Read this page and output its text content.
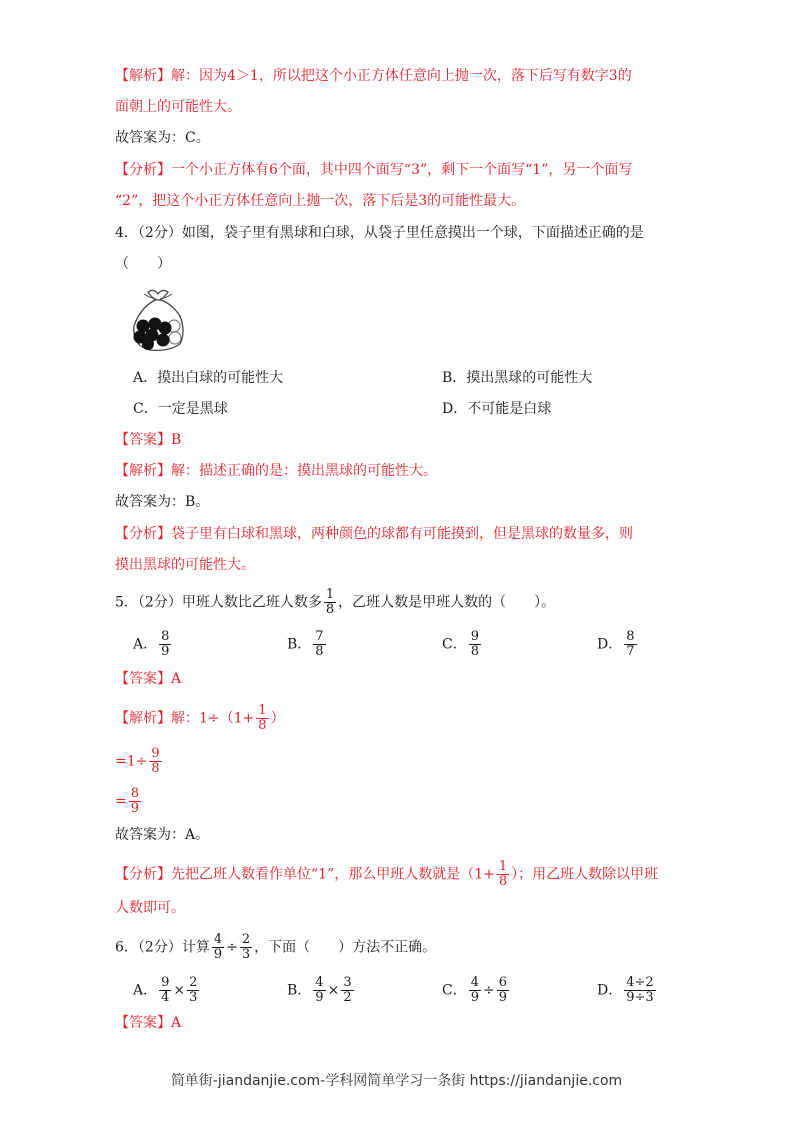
【解析】解：因为4＞1，所以把这个小正方体任意向上抛一次，落下后写有数字3的
面朝上的可能性大。
故答案为：C。
【分析】一个小正方体有6个面，其中四个面写“3”，剩下一个面写“1”，另一个面写
“2”，把这个小正方体任意向上抛一次，落下后是3的可能性最大。
4．（2分）如图，袋子里有黑球和白球，从袋子里任意摸出一个球，下面描述正确的是
（　　）
A．摸出白球的可能性大	B．摸出黑球的可能性大
C．一定是黑球	D．不可能是白球
【答案】B
【解析】解：描述正确的是：摸出黑球的可能性大。
故答案为：B。
【分析】袋子里有白球和黑球，两种颜色的球都有可能摸到，但是黑球的数量多，则
摸出黑球的可能性大。
5．（2分）甲班人数比乙班人数多 $\frac{1}{8}$ ，乙班人数是甲班人数的（　　）。
A． $\frac{8}{9}$	B． $\frac{7}{8}$	C． $\frac{9}{8}$	D． $\frac{8}{7}$
【答案】A
【解析】解：$1\div(1+ \frac{1}{8}$ ）
$=1\div \frac{9}{8}$
= $\frac{8}{9}$
故答案为：A。
【分析】先把乙班人数看作单位“1”，那么甲班人数就是（$1+ \frac{1}{8}$ ）；用乙班人数除以甲班
人数即可。
6．（2分）计算 $\frac{4}{9} \div \frac{2}{3}$ ，下面（　　）方法不正确。
A． $\frac{9}{4} \times \frac{2}{3}$	B． $\frac{4}{9} \times \frac{3}{2}$	C． $\frac{4}{9} \div \frac{6}{9}$	D． $\frac{4\div 2}{9\div 3}$
【答案】A
简单街-jiandanjie.com-学科网简单学习一条街 https://jiandanjie.com
